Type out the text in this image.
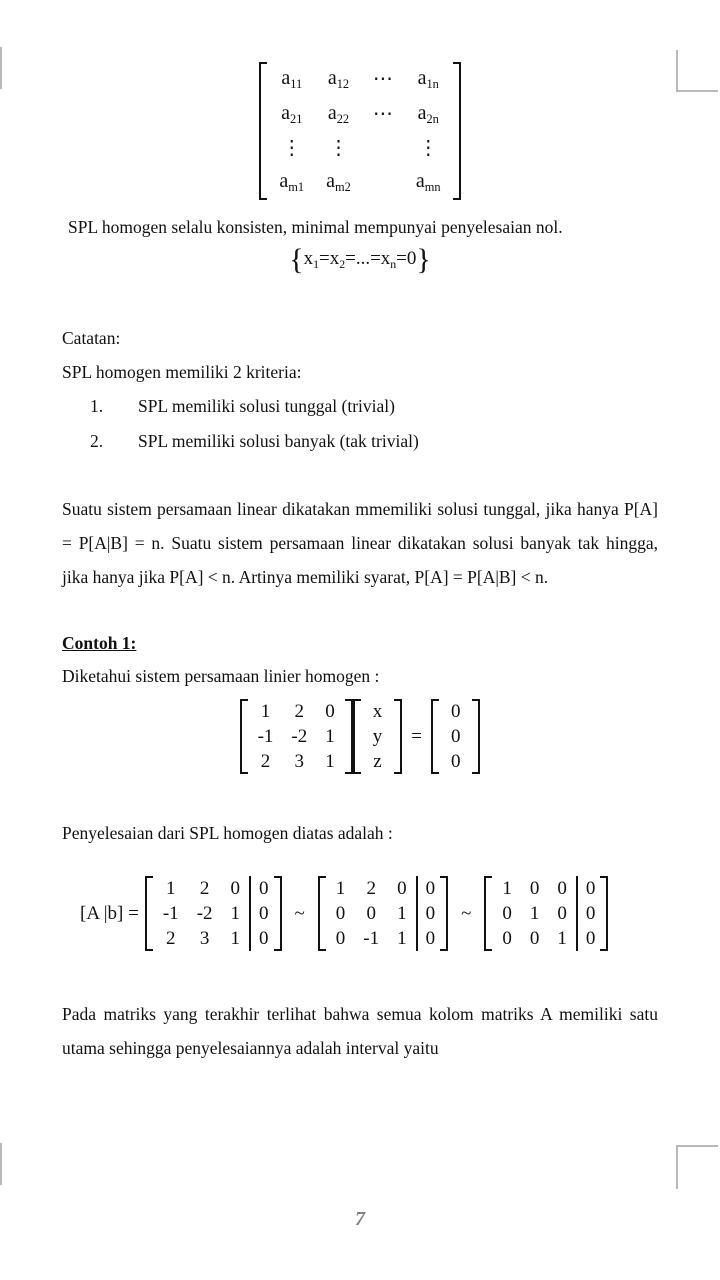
$a_{11}$	$a_{12}$	⋯	$a_{1n}$
$a_{21}$	$a_{22}$	⋯	$a_{2n}$
⋮	⋮		⋮
$a_{m1}$	$a_{m2}$		$a_{mn}$

SPL homogen selalu konsisten, minimal mempunyai penyelesaian nol.

$\{x_1=x_2=...=x_n=0\}$

Catatan:

SPL homogen memiliki 2 kriteria:

1.	SPL memiliki solusi tunggal (trivial)
2.	SPL memiliki solusi banyak (tak trivial)

Suatu sistem persamaan linear dikatakan mmemiliki solusi tunggal, jika hanya P[A] = P[A|B] = n. Suatu sistem persamaan linear dikatakan solusi banyak tak hingga, jika hanya jika P[A] < n. Artinya memiliki syarat, P[A] = P[A|B] < n.

Contoh 1:

Diketahui sistem persamaan linier homogen :

1	2	0
-1	-2	1
2	3	1
x
y
z
=
0
0
0

Penyelesaian dari SPL homogen diatas adalah :

[A |b] =
1	2	0	0
-1	-2	1	0
2	3	1	0
~
1	2	0	0
0	0	1	0
0	-1	1	0
~
1	0	0	0
0	1	0	0
0	0	1	0

Pada matriks yang terakhir terlihat bahwa semua kolom matriks A memiliki satu utama sehingga penyelesaiannya adalah interval yaitu

7
